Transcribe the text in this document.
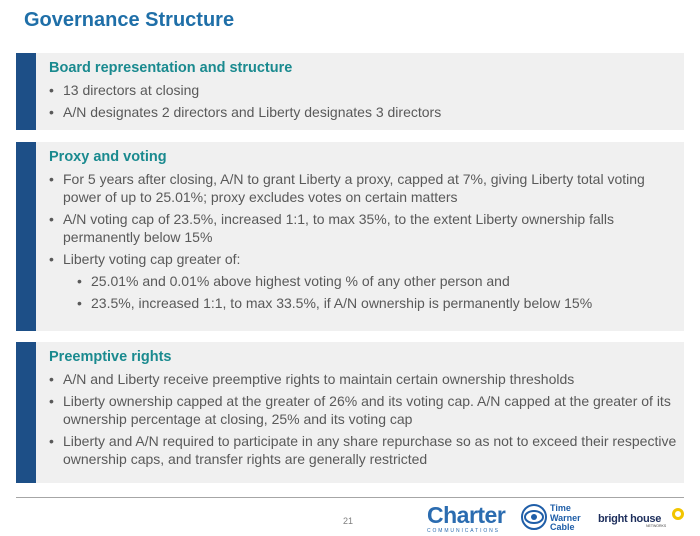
Governance Structure
Board representation and structure
• 13 directors at closing
• A/N designates 2 directors and Liberty designates 3 directors
Proxy and voting
• For 5 years after closing, A/N to grant Liberty a proxy, capped at 7%, giving Liberty total voting power of up to 25.01%; proxy excludes votes on certain matters
• A/N voting cap of 23.5%, increased 1:1, to max 35%, to the extent Liberty ownership falls permanently below 15%
• Liberty voting cap greater of:
• 25.01% and 0.01% above highest voting % of any other person and
• 23.5%, increased 1:1, to max 33.5%, if A/N ownership is permanently below 15%
Preemptive rights
• A/N and Liberty receive preemptive rights to maintain certain ownership thresholds
• Liberty ownership capped at the greater of 26% and its voting cap. A/N capped at the greater of its ownership percentage at closing, 25% and its voting cap
• Liberty and A/N required to participate in any share repurchase so as not to exceed their respective ownership caps, and transfer rights are generally restricted
21	Charter
COMMUNICATIONS
Time
Warner
Cable
bright house
NETWORKS
